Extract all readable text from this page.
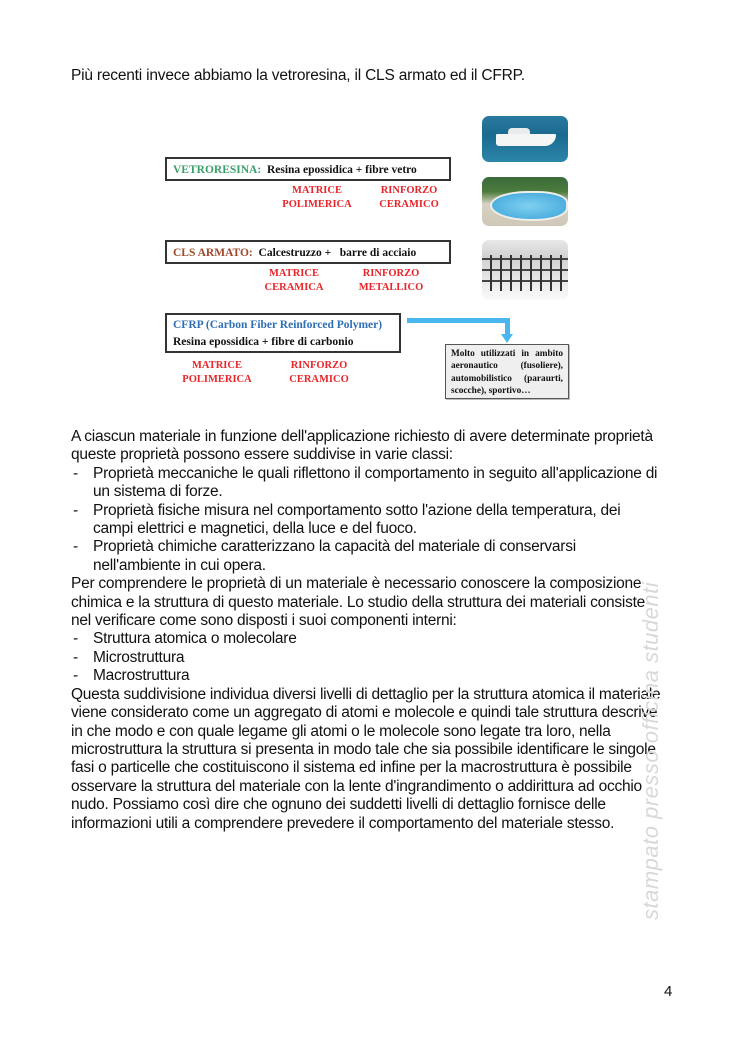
Più recenti invece abbiamo la vetroresina, il CLS armato ed il CFRP.
VETRORESINA: Resina epossidica + fibre vetro
MATRICE
POLIMERICA
RINFORZO
CERAMICO
CLS ARMATO: Calcestruzzo +   barre di acciaio
MATRICE
CERAMICA
RINFORZO
METALLICO
CFRP (Carbon Fiber Reinforced Polymer)
Resina epossidica + fibre di carbonio
MATRICE
POLIMERICA
RINFORZO
CERAMICO
Molto utilizzati in ambito aeronautico (fusoliere), automobilistico (paraurti, scocche), sportivo…

A ciascun materiale in funzione dell'applicazione richiesto di avere determinate proprietà queste proprietà possono essere suddivise in varie classi:

- Proprietà meccaniche le quali riflettono il comportamento in seguito all'applicazione di un sistema di forze.
- Proprietà fisiche misura nel comportamento sotto l'azione della temperatura, dei campi elettrici e magnetici, della luce e del fuoco.
- Proprietà chimiche caratterizzano la capacità del materiale di conservarsi nell'ambiente in cui opera.

Per comprendere le proprietà di un materiale è necessario conoscere la composizione chimica e la struttura di questo materiale. Lo studio della struttura dei materiali consiste nel verificare come sono disposti i suoi componenti interni:

- Struttura atomica o molecolare
- Microstruttura
- Macrostruttura

Questa suddivisione individua diversi livelli di dettaglio per la struttura atomica il materiale viene considerato come un aggregato di atomi e molecole e quindi tale struttura descrive in che modo e con quale legame gli atomi o le molecole sono legate tra loro, nella microstruttura la struttura si presenta in modo tale che sia possibile identificare le singole fasi o particelle che costituiscono il sistema ed infine per la macrostruttura è possibile osservare la struttura del materiale con la lente d'ingrandimento o addirittura ad occhio nudo. Possiamo così dire che ognuno dei suddetti livelli di dettaglio fornisce delle informazioni utili a comprendere prevedere il comportamento del materiale stesso.	stampato presso officina studenti
4
